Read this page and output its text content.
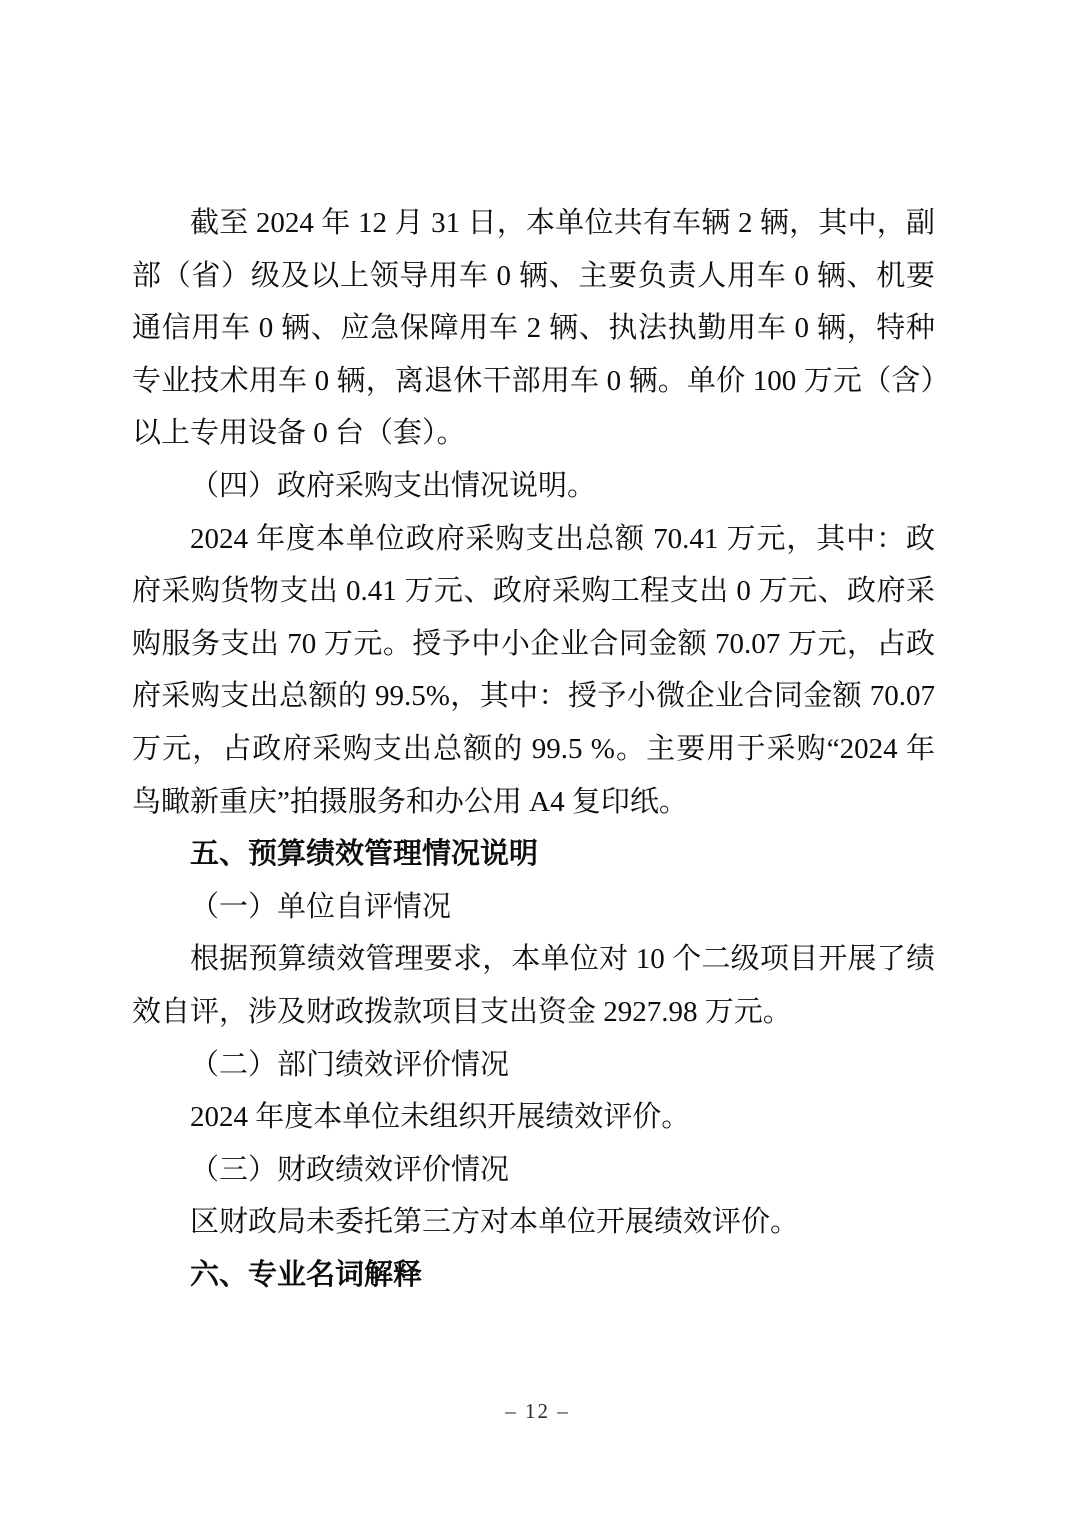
截至 2024 年 12 月 31 日，本单位共有车辆 2 辆，其中，副部（省）级及以上领导用车 0 辆、主要负责人用车 0 辆、机要通信用车 0 辆、应急保障用车 2 辆、执法执勤用车 0 辆，特种专业技术用车 0 辆，离退休干部用车 0 辆。单价 100 万元（含）以上专用设备 0 台（套）。

（四）政府采购支出情况说明。

2024 年度本单位政府采购支出总额 70.41 万元，其中：政府采购货物支出 0.41 万元、政府采购工程支出 0 万元、政府采购服务支出 70 万元。授予中小企业合同金额 70.07 万元，占政府采购支出总额的 99.5%，其中：授予小微企业合同金额 70.07 万元，占政府采购支出总额的 99.5 %。主要用于采购“2024 年鸟瞰新重庆”拍摄服务和办公用 A4 复印纸。

五、预算绩效管理情况说明

（一）单位自评情况

根据预算绩效管理要求，本单位对 10 个二级项目开展了绩效自评，涉及财政拨款项目支出资金 2927.98 万元。

（二）部门绩效评价情况

2024 年度本单位未组织开展绩效评价。

（三）财政绩效评价情况

区财政局未委托第三方对本单位开展绩效评价。

六、专业名词解释

– 12 –
